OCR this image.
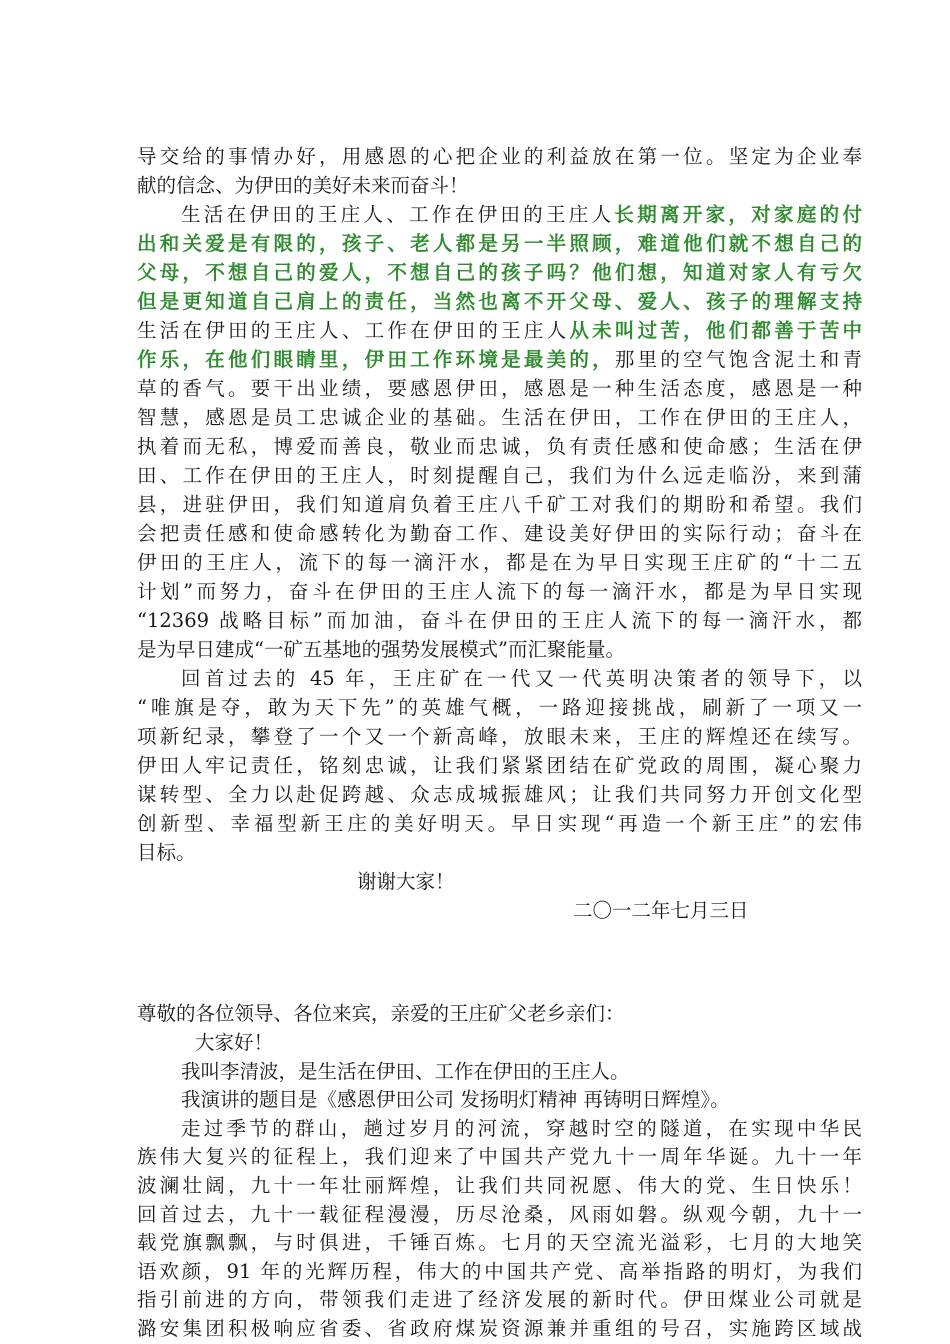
导交给的事情办好，用感恩的心把企业的利益放在第一位。坚定为企业奉
献的信念、为伊田的美好未来而奋斗！
生活在伊田的王庄人、工作在伊田的王庄人长期离开家，对家庭的付
出和关爱是有限的，孩子、老人都是另一半照顾，难道他们就不想自己的
父母，不想自己的爱人，不想自己的孩子吗？他们想，知道对家人有亏欠
但是更知道自己肩上的责任，当然也离不开父母、爱人、孩子的理解支持
生活在伊田的王庄人、工作在伊田的王庄人从未叫过苦，他们都善于苦中
作乐，在他们眼睛里，伊田工作环境是最美的，那里的空气饱含泥土和青
草的香气。要干出业绩，要感恩伊田，感恩是一种生活态度，感恩是一种
智慧，感恩是员工忠诚企业的基础。生活在伊田，工作在伊田的王庄人，
执着而无私，博爱而善良，敬业而忠诚，负有责任感和使命感；生活在伊
田、工作在伊田的王庄人，时刻提醒自己，我们为什么远走临汾，来到蒲
县，进驻伊田，我们知道肩负着王庄八千矿工对我们的期盼和希望。我们
会把责任感和使命感转化为勤奋工作、建设美好伊田的实际行动；奋斗在
伊田的王庄人，流下的每一滴汗水，都是在为早日实现王庄矿的“十二五
计划”而努力，奋斗在伊田的王庄人流下的每一滴汗水，都是为早日实现
“12369 战略目标”而加油，奋斗在伊田的王庄人流下的每一滴汗水，都
是为早日建成“一矿五基地的强势发展模式”而汇聚能量。
回首过去的 45 年，王庄矿在一代又一代英明决策者的领导下，以
“唯旗是夺，敢为天下先”的英雄气概，一路迎接挑战，刷新了一项又一
项新纪录，攀登了一个又一个新高峰，放眼未来，王庄的辉煌还在续写。
伊田人牢记责任，铭刻忠诚，让我们紧紧团结在矿党政的周围，凝心聚力
谋转型、全力以赴促跨越、众志成城振雄风；让我们共同努力开创文化型
创新型、幸福型新王庄的美好明天。早日实现“再造一个新王庄”的宏伟
目标。
谢谢大家！
二〇一二年七月三日
尊敬的各位领导、各位来宾，亲爱的王庄矿父老乡亲们：
大家好！
我叫李清波，是生活在伊田、工作在伊田的王庄人。
我演讲的题目是《感恩伊田公司 发扬明灯精神 再铸明日辉煌》。
走过季节的群山，趟过岁月的河流，穿越时空的隧道，在实现中华民
族伟大复兴的征程上，我们迎来了中国共产党九十一周年华诞。九十一年
波澜壮阔，九十一年壮丽辉煌，让我们共同祝愿、伟大的党、生日快乐！
回首过去，九十一载征程漫漫，历尽沧桑，风雨如磐。纵观今朝，九十一
载党旗飘飘，与时俱进，千锤百炼。七月的天空流光溢彩，七月的大地笑
语欢颜，91 年的光辉历程，伟大的中国共产党、高举指路的明灯，为我们
指引前进的方向，带领我们走进了经济发展的新时代。伊田煤业公司就是
潞安集团积极响应省委、省政府煤炭资源兼并重组的号召，实施跨区域战
